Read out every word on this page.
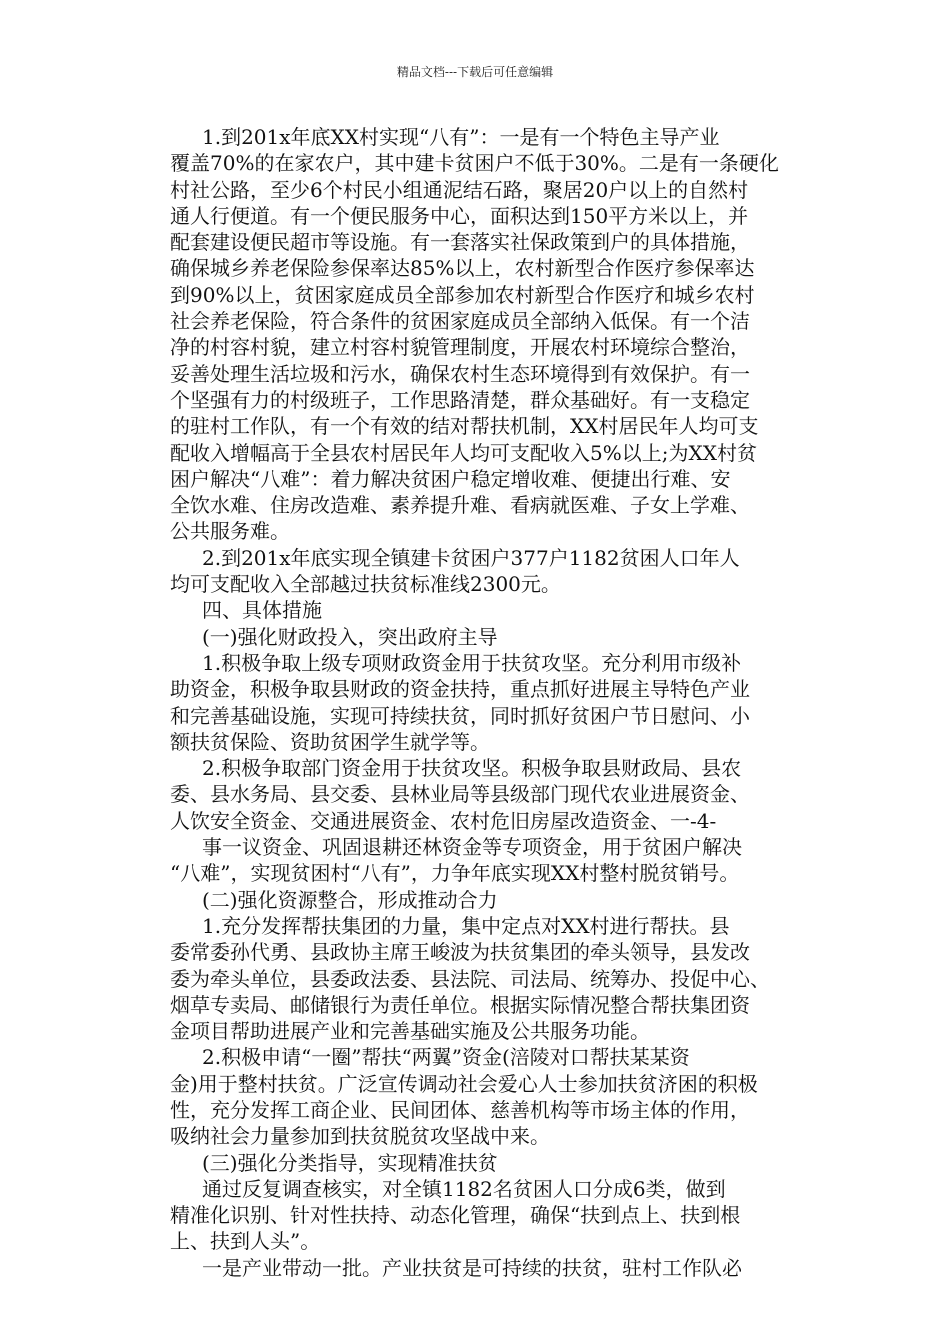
精品文档---下载后可任意编辑
1.到201x年底XX村实现“八有”：一是有一个特色主导产业
覆盖70%的在家农户，其中建卡贫困户不低于30%。二是有一条硬化
村社公路，至少6个村民小组通泥结石路，聚居20户以上的自然村
通人行便道。有一个便民服务中心，面积达到150平方米以上，并
配套建设便民超市等设施。有一套落实社保政策到户的具体措施，
确保城乡养老保险参保率达85%以上，农村新型合作医疗参保率达
到90%以上，贫困家庭成员全部参加农村新型合作医疗和城乡农村
社会养老保险，符合条件的贫困家庭成员全部纳入低保。有一个洁
净的村容村貌，建立村容村貌管理制度，开展农村环境综合整治，
妥善处理生活垃圾和污水，确保农村生态环境得到有效保护。有一
个坚强有力的村级班子，工作思路清楚，群众基础好。有一支稳定
的驻村工作队，有一个有效的结对帮扶机制，XX村居民年人均可支
配收入增幅高于全县农村居民年人均可支配收入5%以上;为XX村贫
困户解决“八难”：着力解决贫困户稳定增收难、便捷出行难、安
全饮水难、住房改造难、素养提升难、看病就医难、子女上学难、
公共服务难。
2.到201x年底实现全镇建卡贫困户377户1182贫困人口年人
均可支配收入全部越过扶贫标准线2300元。
四、具体措施
(一)强化财政投入，突出政府主导
1.积极争取上级专项财政资金用于扶贫攻坚。充分利用市级补
助资金，积极争取县财政的资金扶持，重点抓好进展主导特色产业
和完善基础设施，实现可持续扶贫，同时抓好贫困户节日慰问、小
额扶贫保险、资助贫困学生就学等。
2.积极争取部门资金用于扶贫攻坚。积极争取县财政局、县农
委、县水务局、县交委、县林业局等县级部门现代农业进展资金、
人饮安全资金、交通进展资金、农村危旧房屋改造资金、一-4-
事一议资金、巩固退耕还林资金等专项资金，用于贫困户解决
“八难”，实现贫困村“八有”，力争年底实现XX村整村脱贫销号。
(二)强化资源整合，形成推动合力
1.充分发挥帮扶集团的力量，集中定点对XX村进行帮扶。县
委常委孙代勇、县政协主席王峻波为扶贫集团的牵头领导，县发改
委为牵头单位，县委政法委、县法院、司法局、统筹办、投促中心、
烟草专卖局、邮储银行为责任单位。根据实际情况整合帮扶集团资
金项目帮助进展产业和完善基础实施及公共服务功能。
2.积极申请“一圈”帮扶“两翼”资金(涪陵对口帮扶某某资
金)用于整村扶贫。广泛宣传调动社会爱心人士参加扶贫济困的积极
性，充分发挥工商企业、民间团体、慈善机构等市场主体的作用，
吸纳社会力量参加到扶贫脱贫攻坚战中来。
(三)强化分类指导，实现精准扶贫
通过反复调查核实，对全镇1182名贫困人口分成6类，做到
精准化识别、针对性扶持、动态化管理，确保“扶到点上、扶到根
上、扶到人头”。
一是产业带动一批。产业扶贫是可持续的扶贫，驻村工作队必
